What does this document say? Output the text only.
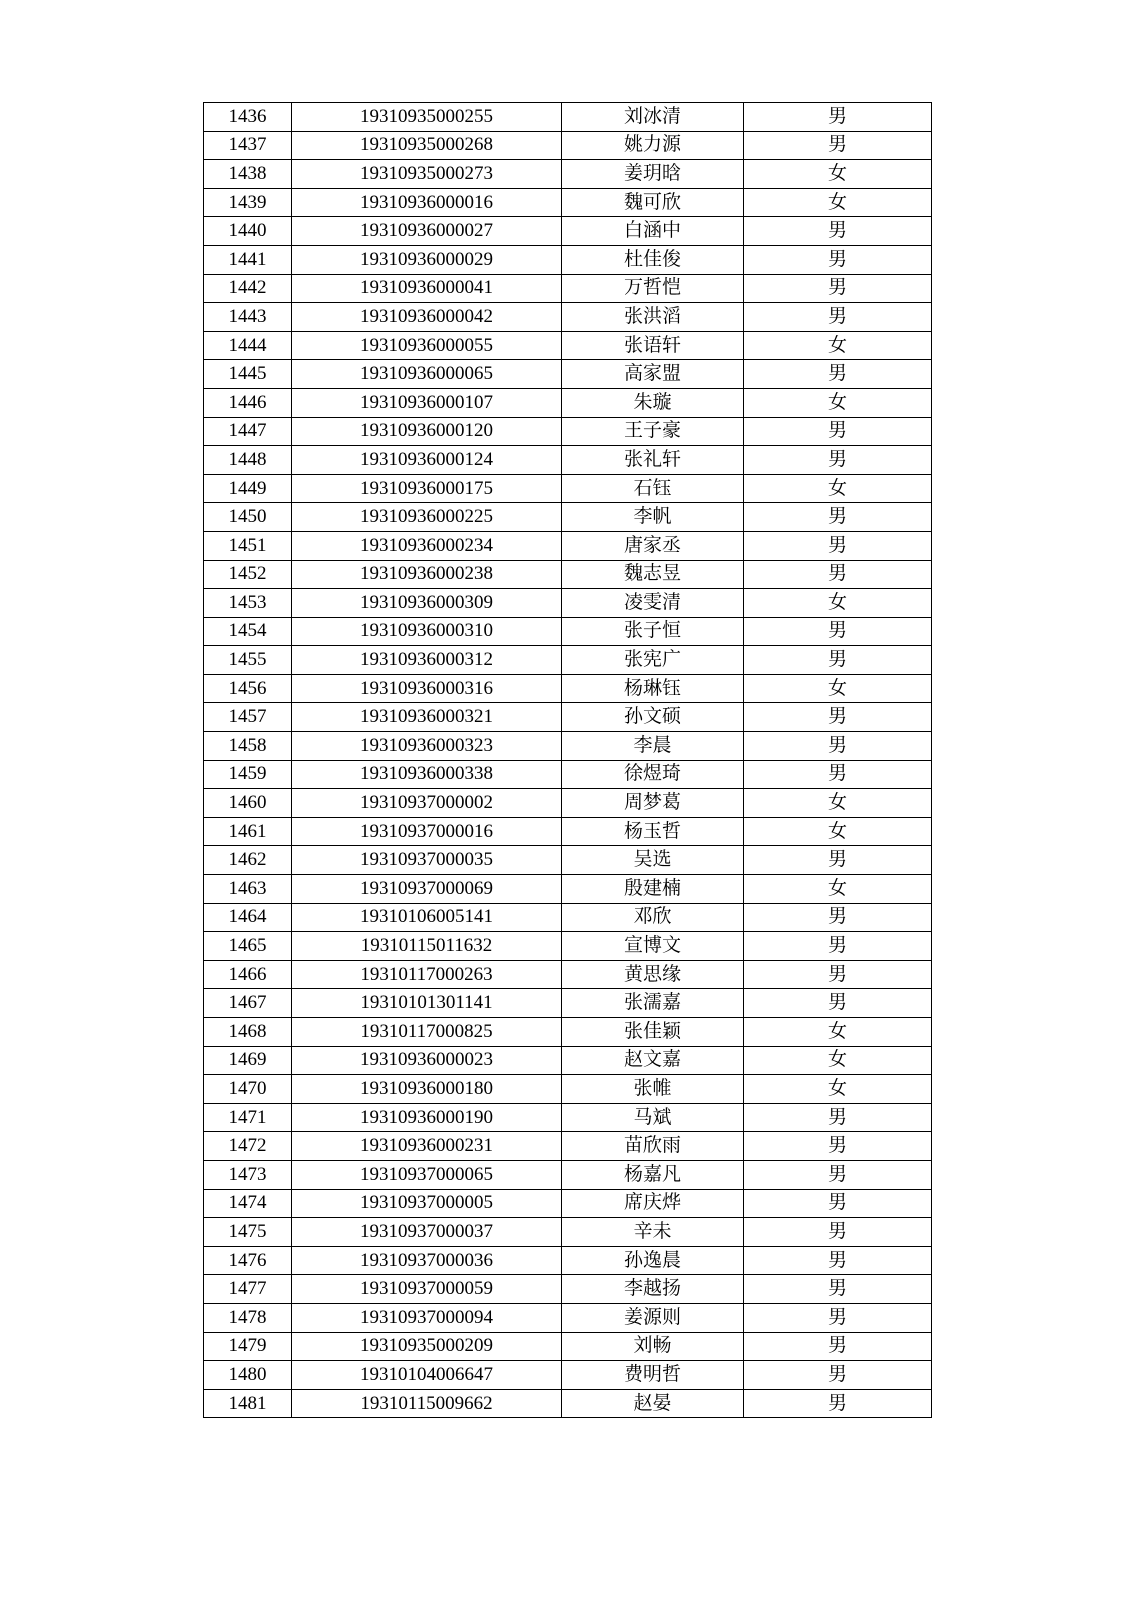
1436	19310935000255	刘冰清	男
1437	19310935000268	姚力源	男
1438	19310935000273	姜玥晗	女
1439	19310936000016	魏可欣	女
1440	19310936000027	白涵中	男
1441	19310936000029	杜佳俊	男
1442	19310936000041	万哲恺	男
1443	19310936000042	张洪滔	男
1444	19310936000055	张语轩	女
1445	19310936000065	高家盟	男
1446	19310936000107	朱璇	女
1447	19310936000120	王子豪	男
1448	19310936000124	张礼轩	男
1449	19310936000175	石钰	女
1450	19310936000225	李帆	男
1451	19310936000234	唐家丞	男
1452	19310936000238	魏志昱	男
1453	19310936000309	凌雯清	女
1454	19310936000310	张子恒	男
1455	19310936000312	张宪广	男
1456	19310936000316	杨琳钰	女
1457	19310936000321	孙文硕	男
1458	19310936000323	李晨	男
1459	19310936000338	徐煜琦	男
1460	19310937000002	周梦葛	女
1461	19310937000016	杨玉哲	女
1462	19310937000035	吴选	男
1463	19310937000069	殷建楠	女
1464	19310106005141	邓欣	男
1465	19310115011632	宣博文	男
1466	19310117000263	黄思缘	男
1467	19310101301141	张濡嘉	男
1468	19310117000825	张佳颖	女
1469	19310936000023	赵文嘉	女
1470	19310936000180	张帷	女
1471	19310936000190	马斌	男
1472	19310936000231	苗欣雨	男
1473	19310937000065	杨嘉凡	男
1474	19310937000005	席庆烨	男
1475	19310937000037	辛未	男
1476	19310937000036	孙逸晨	男
1477	19310937000059	李越扬	男
1478	19310937000094	姜源则	男
1479	19310935000209	刘畅	男
1480	19310104006647	费明哲	男
1481	19310115009662	赵晏	男
